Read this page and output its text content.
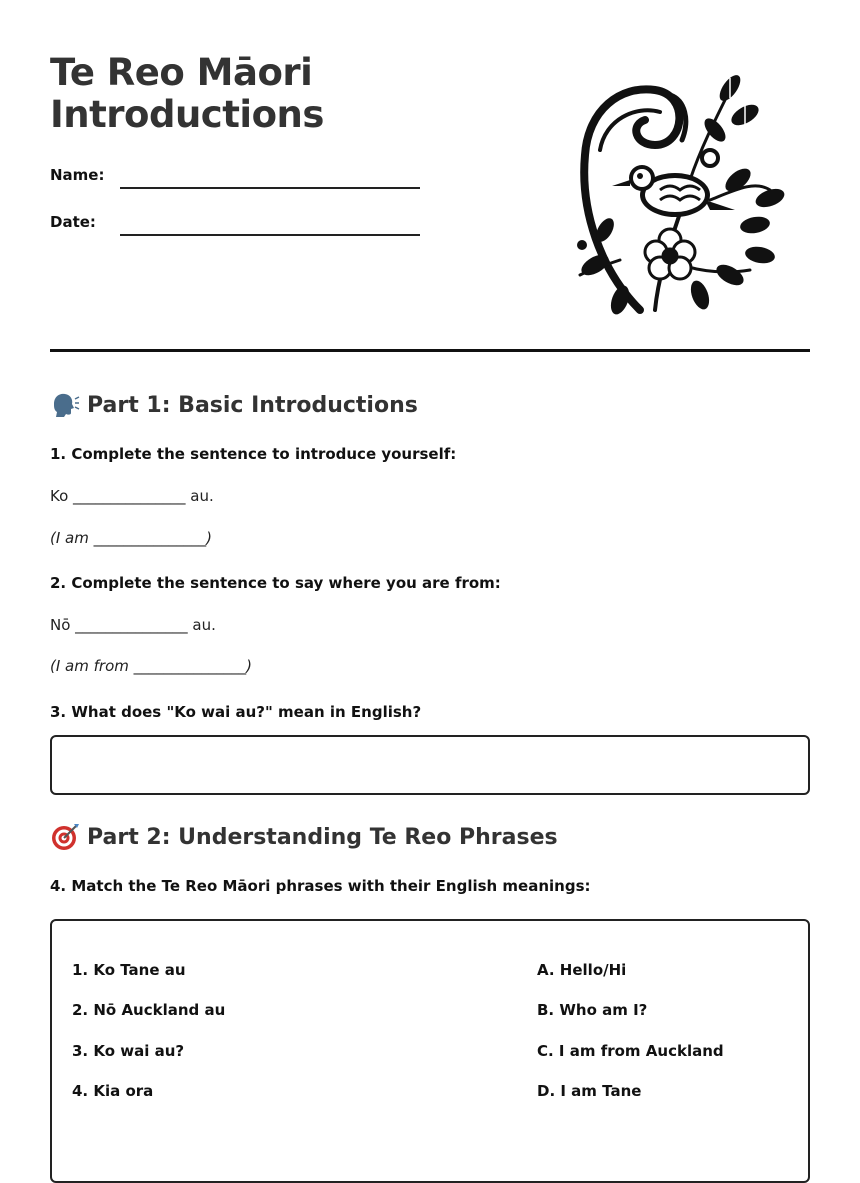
Te Reo Māori
Introductions
Name:
Date:
Part 1: Basic Introductions
1. Complete the sentence to introduce yourself:
Ko _______________ au.
(I am _______________)
2. Complete the sentence to say where you are from:
Nō _______________ au.
(I am from _______________)
3. What does "Ko wai au?" mean in English?
Part 2: Understanding Te Reo Phrases
4. Match the Te Reo Māori phrases with their English meanings:
1. Ko Tane au
2. Nō Auckland au
3. Ko wai au?
4. Kia ora
A. Hello/Hi
B. Who am I?
C. I am from Auckland
D. I am Tane
